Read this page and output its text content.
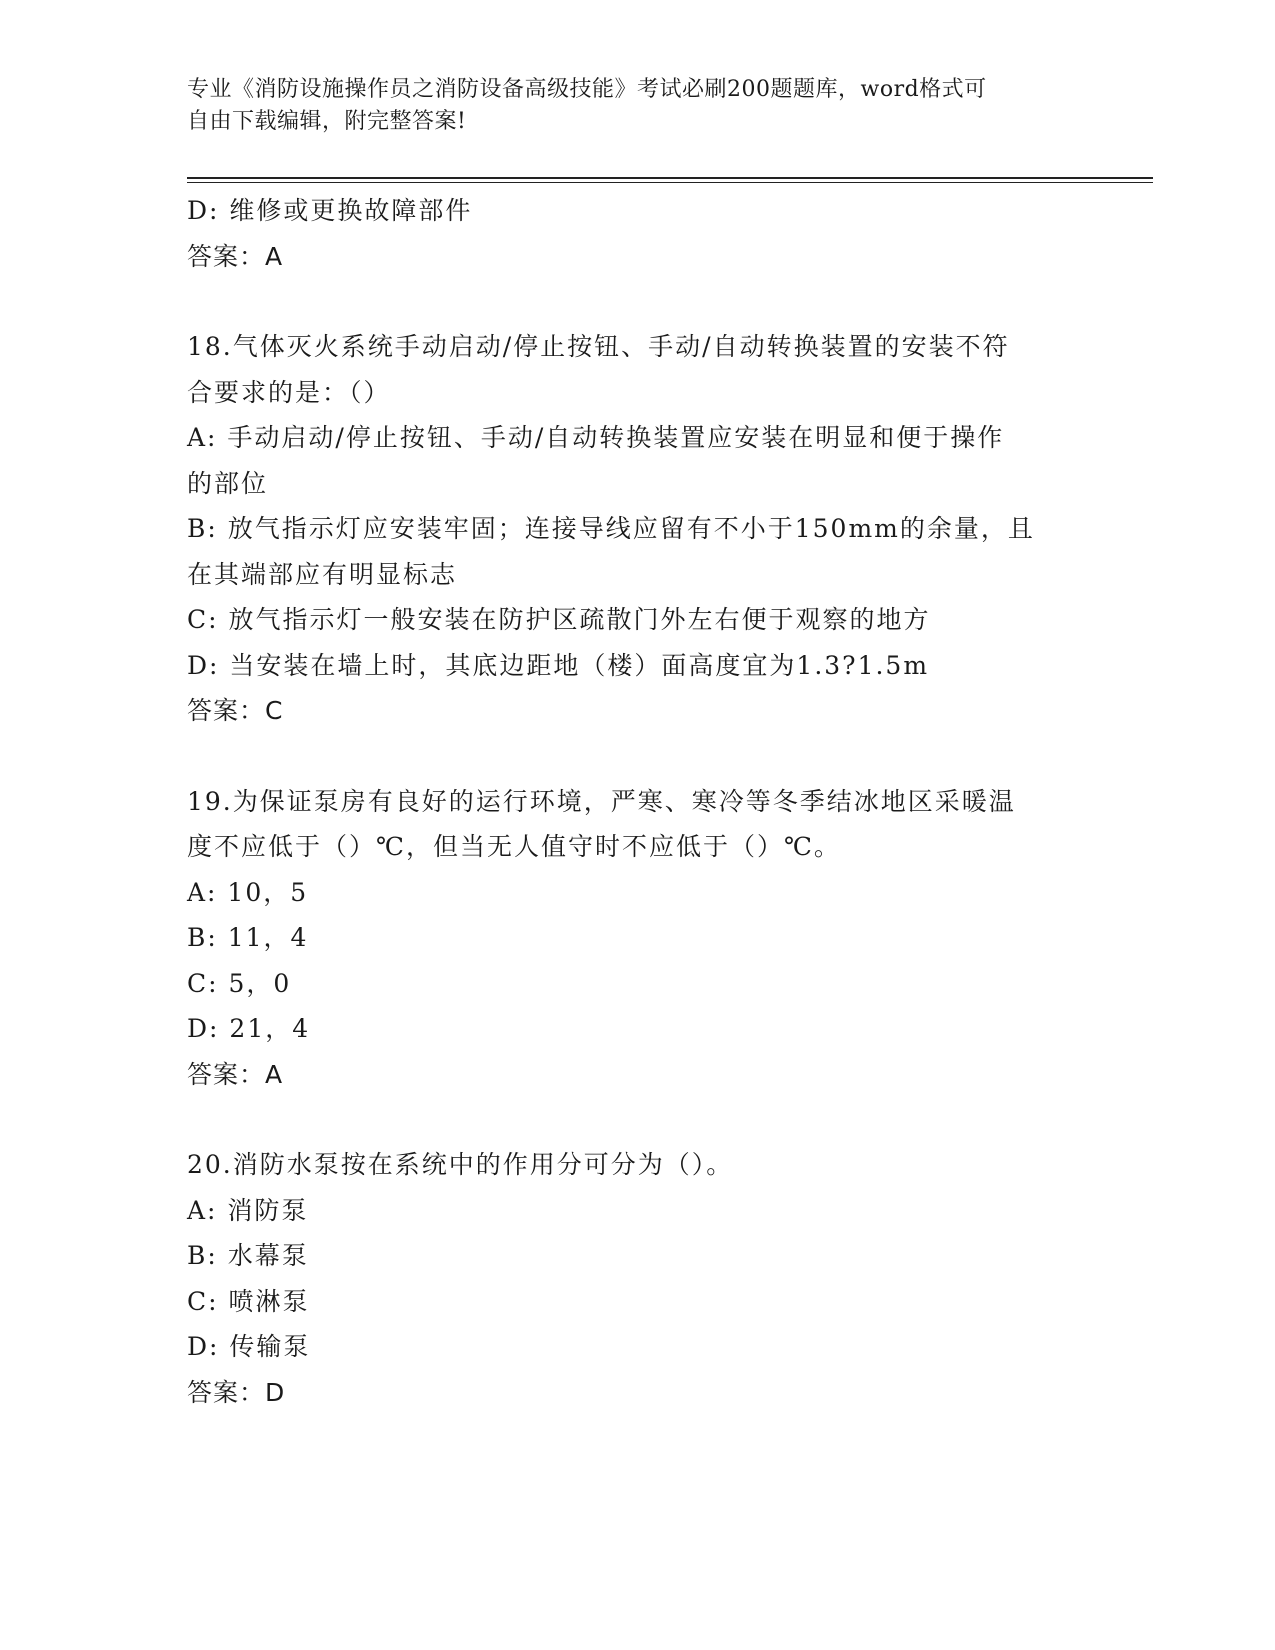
专业《消防设施操作员之消防设备高级技能》考试必刷200题题库，word格式可
自由下载编辑，附完整答案!
D: 维修或更换故障部件
答案：A
18.气体灭火系统手动启动/停止按钮、手动/自动转换装置的安装不符
合要求的是：（）
A: 手动启动/停止按钮、手动/自动转换装置应安装在明显和便于操作
的部位
B: 放气指示灯应安装牢固；连接导线应留有不小于150mm的余量，且
在其端部应有明显标志
C: 放气指示灯一般安装在防护区疏散门外左右便于观察的地方
D: 当安装在墙上时，其底边距地（楼）面高度宜为1.3?1.5m
答案：C
19.为保证泵房有良好的运行环境，严寒、寒冷等冬季结冰地区采暖温
度不应低于（）℃，但当无人值守时不应低于（）℃。
A: 10，5
B: 11，4
C: 5，0
D: 21，4
答案：A
20.消防水泵按在系统中的作用分可分为（）。
A: 消防泵
B: 水幕泵
C: 喷淋泵
D: 传输泵
答案：D
